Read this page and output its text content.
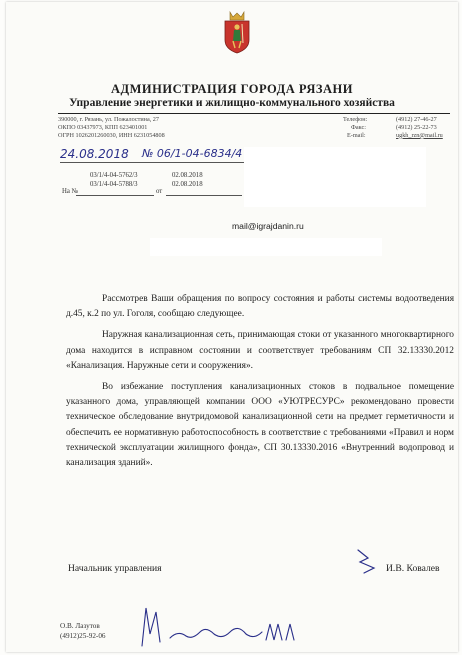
АДМИНИСТРАЦИЯ ГОРОДА РЯЗАНИ
Управление энергетики и жилищно-коммунального хозяйства
390000, г. Рязань, ул. Пожалостина, 27
ОКПО 03437973, КПП 623401001
ОГРН 1026201260030, ИНН 6231054808
Телефон:
Факс:
E-mail:
(4912) 27-46-27
(4912) 25-22-73
ugkh_rzn@mail.ru
24.08.2018 № 06/1-04-6834/4
03/1/4-04-5762/3
03/1/4-04-5788/3
02.08.2018
02.08.2018
На №	от
mail@igrajdanin.ru

Рассмотрев Ваши обращения по вопросу состояния и работы системы водоотведения д.45, к.2 по ул. Гоголя, сообщаю следующее.

Наружная канализационная сеть, принимающая стоки от указанного многоквартирного дома находится в исправном состоянии и соответствует требованиям СП 32.13330.2012 «Канализация. Наружные сети и сооружения».

Во избежание поступления канализационных стоков в подвальное помещение указанного дома, управляющей компании ООО «УЮТРЕСУРС» рекомендовано провести техническое обследование внутридомовой канализационной сети на предмет герметичности и обеспечить ее нормативную работоспособность в соответствие с требованиями «Правил и норм технической эксплуатации жилищного фонда», СП 30.13330.2016 «Внутренний водопровод и канализация зданий».

Начальник управления	И.В. Ковалев
О.В. Лазутов
(4912)25-92-06
